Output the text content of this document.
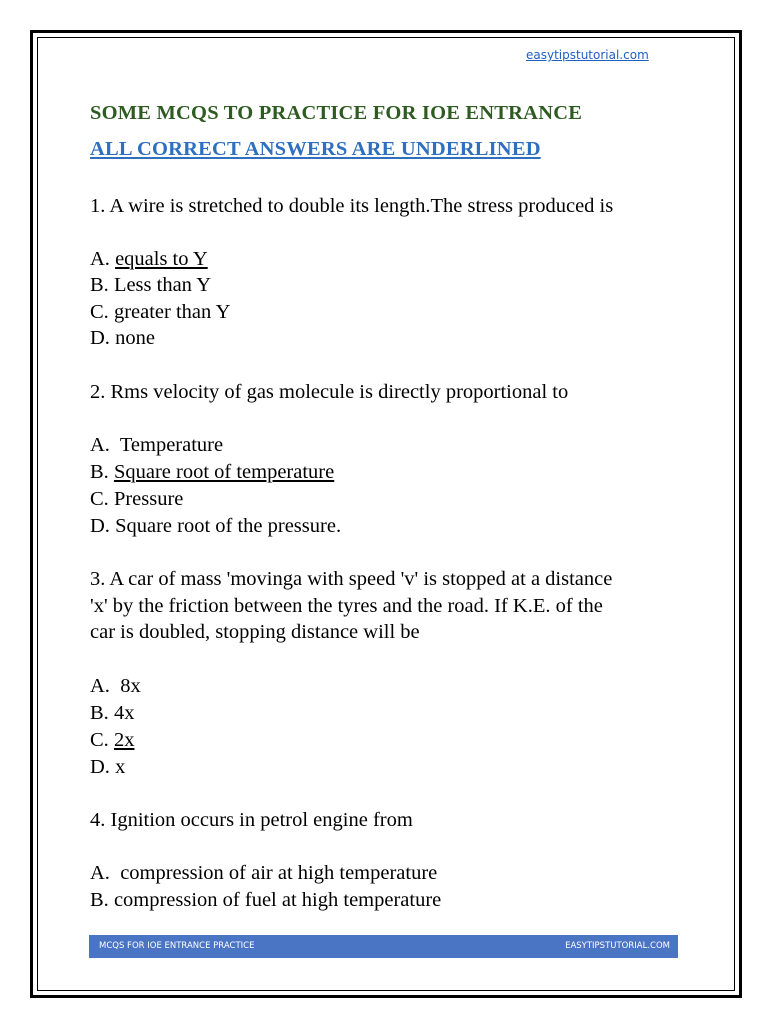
easytipstutorial.com
SOME MCQS TO PRACTICE FOR IOE ENTRANCE
ALL CORRECT ANSWERS ARE UNDERLINED
1. A wire is stretched to double its length.The stress produced is
A. equals to Y
B. Less than Y
C. greater than Y
D. none
2. Rms velocity of gas molecule is directly proportional to
A.  Temperature
B. Square root of temperature
C. Pressure
D. Square root of the pressure.
3. A car of mass 'movinga with speed 'v' is stopped at a distance
'x' by the friction between the tyres and the road. If K.E. of the
car is doubled, stopping distance will be
A.  8x
B. 4x
C. 2x
D. x
4. Ignition occurs in petrol engine from
A.  compression of air at high temperature
B. compression of fuel at high temperature
MCQS FOR IOE ENTRANCE PRACTICE	EASYTIPSTUTORIAL.COM
